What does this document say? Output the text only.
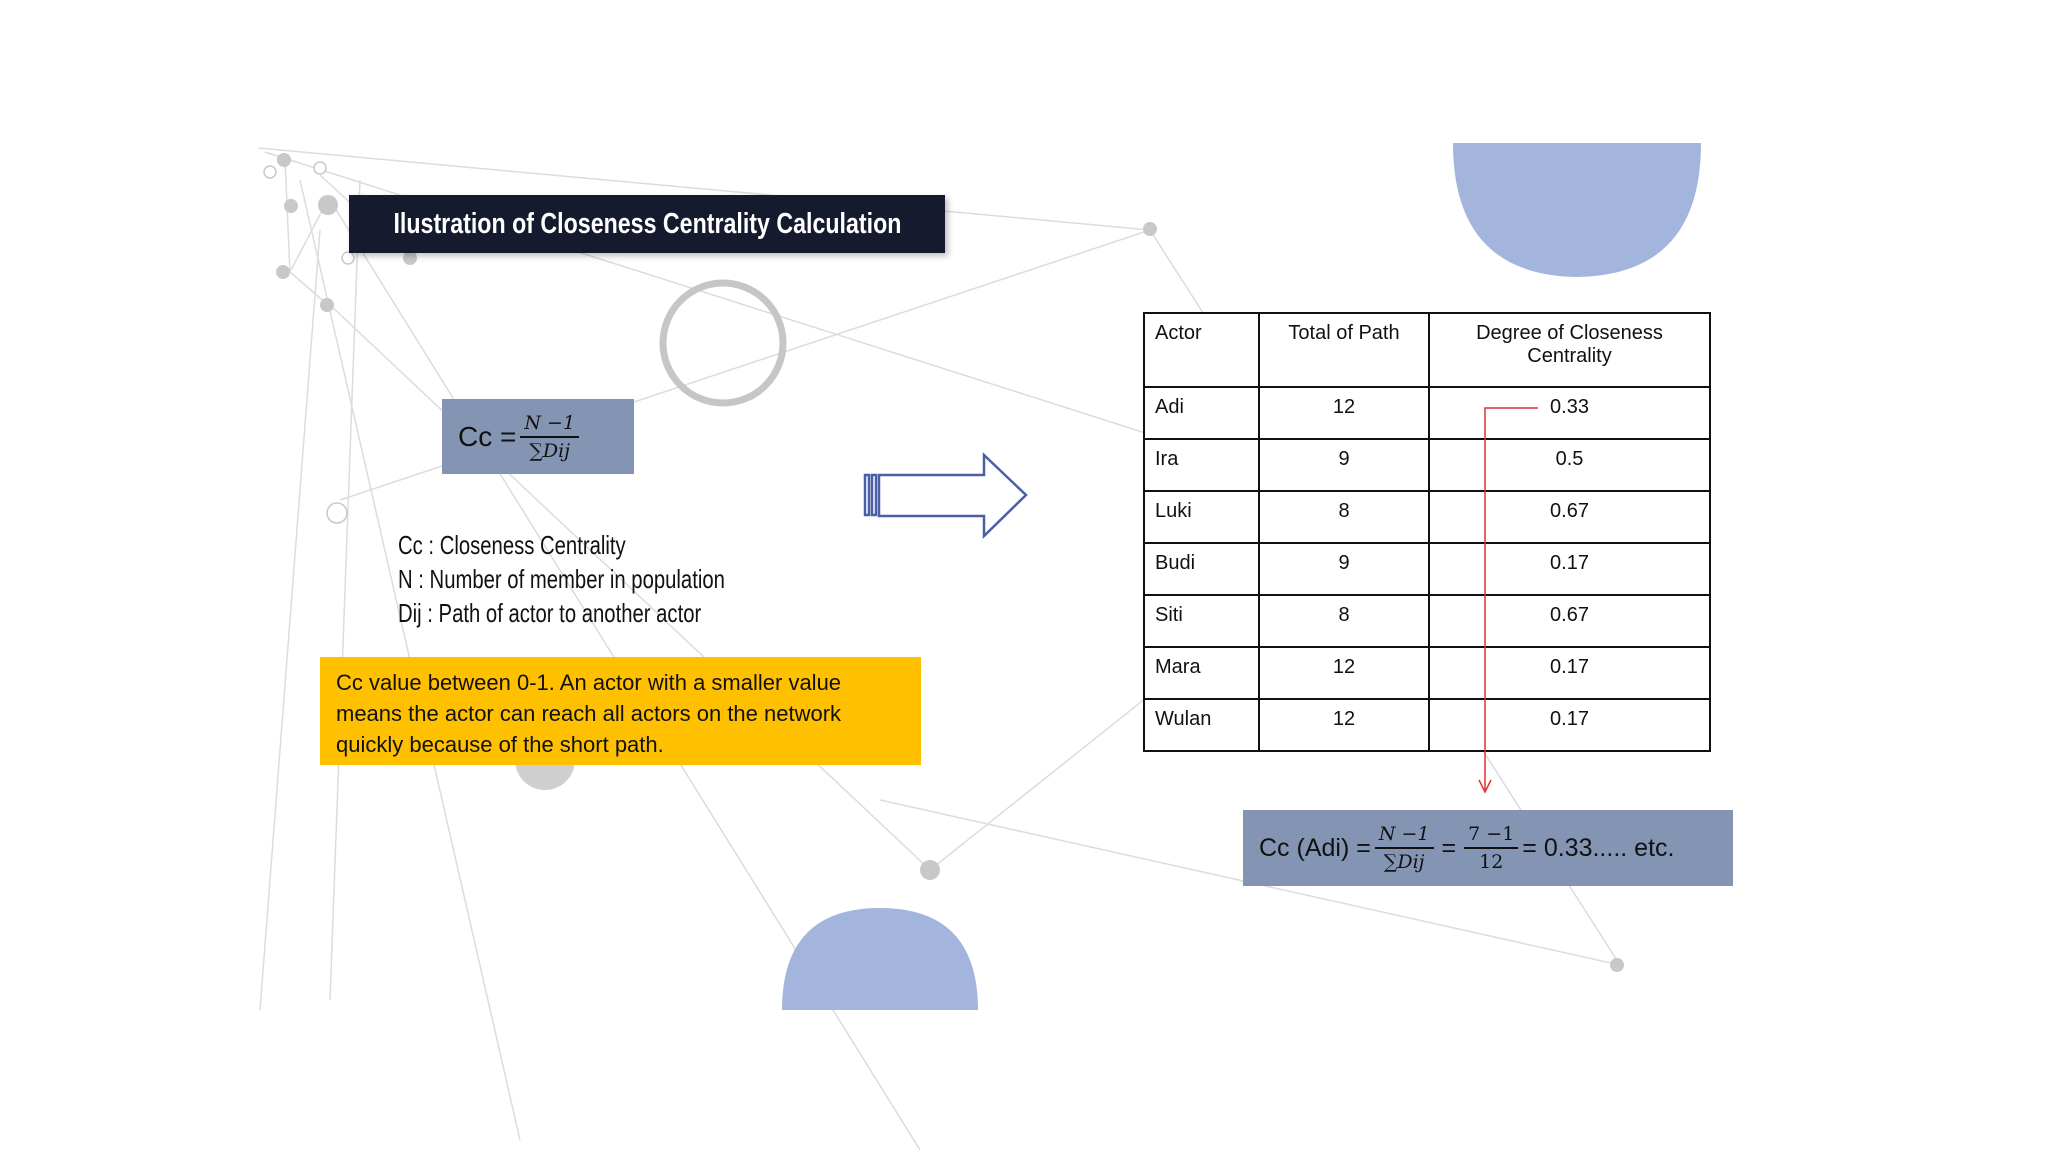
Ilustration of Closeness Centrality Calculation
$Cc = \frac{N -1}{\text{∑Dij}}$
Cc : Closeness Centrality
N : Number of member in population
Dij : Path of actor to another actor
Cc value between 0-1. An actor with a smaller value means the actor can reach all actors on the network quickly because of the short path.
Actor	Total of Path	Degree of Closeness Centrality
Adi	12	0.33
Ira	9	0.5
Luki	8	0.67
Budi	9	0.17
Siti	8	0.67
Mara	12	0.17
Wulan	12	0.17
Cc $(Adi) = \frac{N -1}{\text{∑Dij}} = \frac{7 -1}{12} = 0.33$..... etc.
